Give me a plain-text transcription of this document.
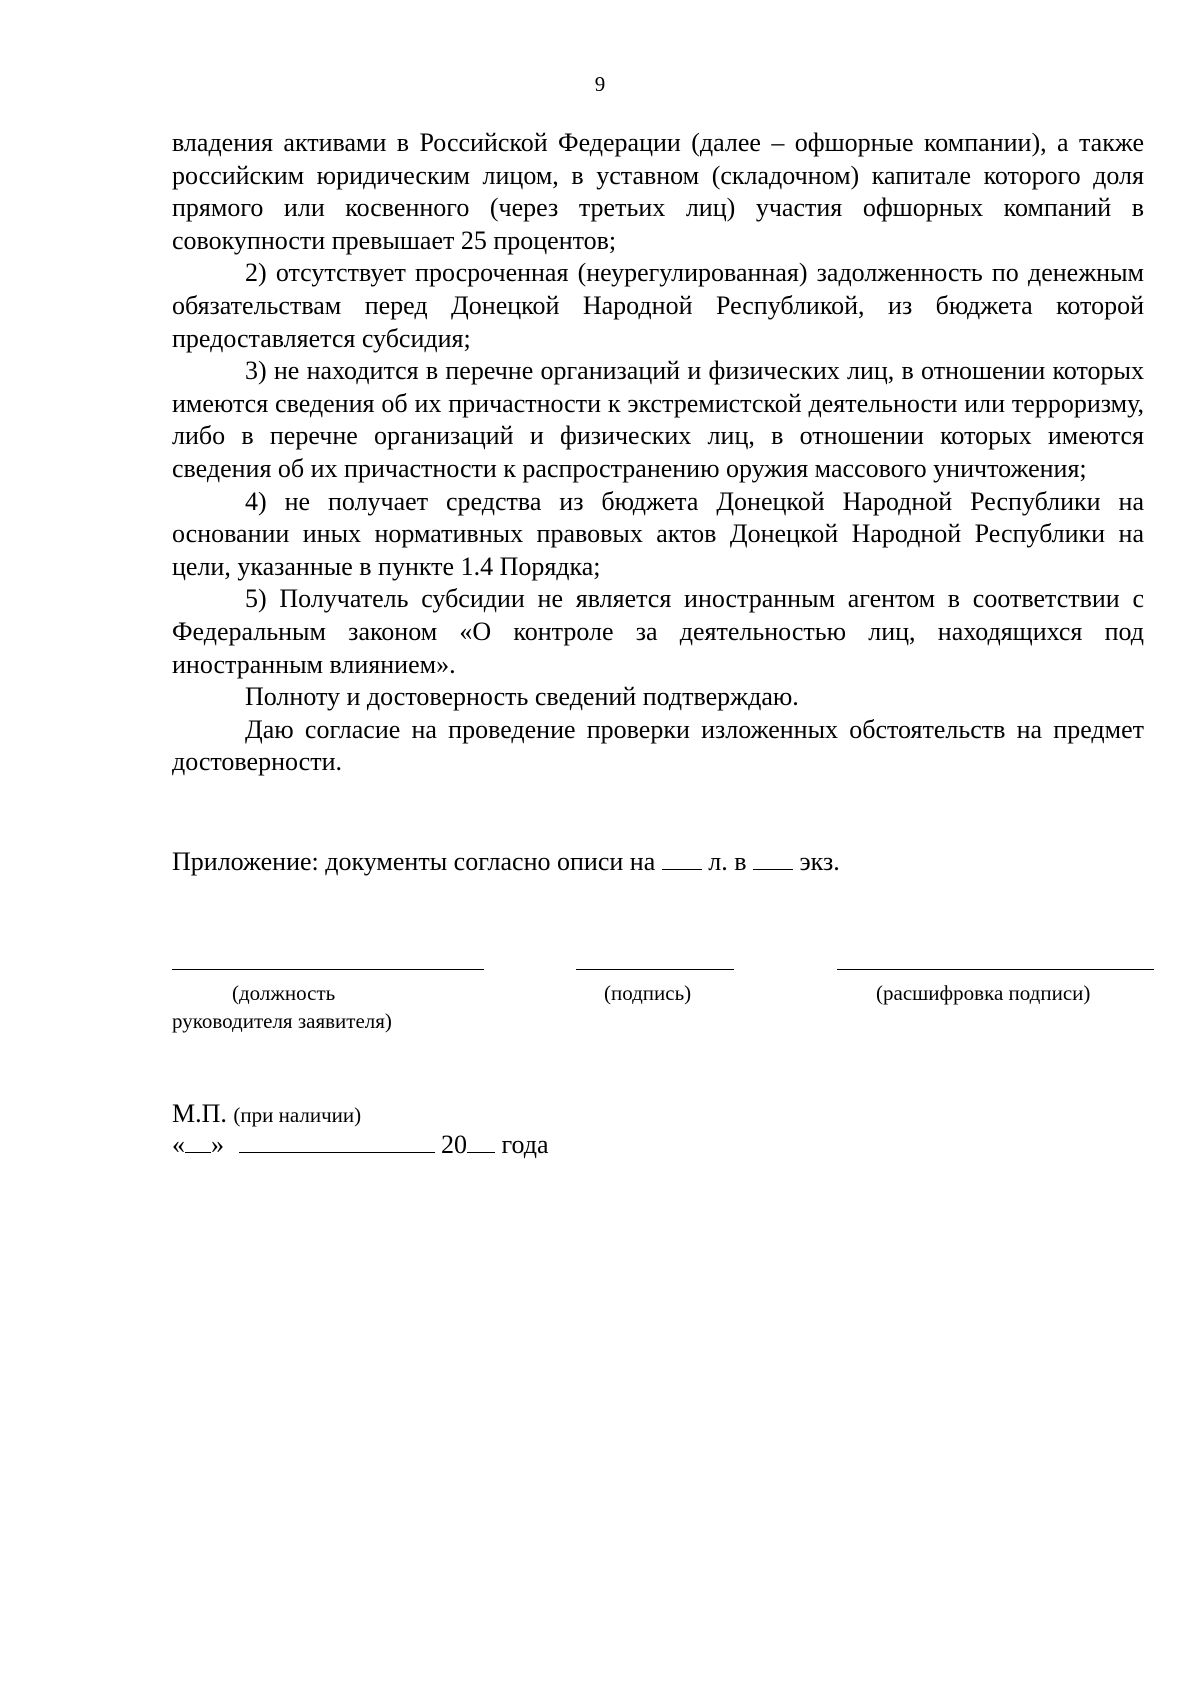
9

владения активами в Российской Федерации (далее – офшорные компании), а также российским юридическим лицом, в уставном (складочном) капитале которого доля прямого или косвенного (через третьих лиц) участия офшорных компаний в совокупности превышает 25 процентов;

2) отсутствует просроченная (неурегулированная) задолженность по денежным обязательствам перед Донецкой Народной Республикой, из бюджета которой предоставляется субсидия;

3) не находится в перечне организаций и физических лиц, в отношении которых имеются сведения об их причастности к экстремистской деятельности или терроризму, либо в перечне организаций и физических лиц, в отношении которых имеются сведения об их причастности к распространению оружия массового уничтожения;

4) не получает средства из бюджета Донецкой Народной Республики на основании иных нормативных правовых актов Донецкой Народной Республики на цели, указанные в пункте 1.4 Порядка;

5) Получатель субсидии не является иностранным агентом в соответствии с Федеральным законом «О контроле за деятельностью лиц, находящихся под иностранным влиянием».

Полноту и достоверность сведений подтверждаю.

Даю согласие на проведение проверки изложенных обстоятельств на предмет достоверности.

Приложение: документы согласно описи на л. в экз.
(должность
руководителя заявителя)
(подпись)	(расшифровка подписи)
М.П. (при наличии)
« »	20 года
